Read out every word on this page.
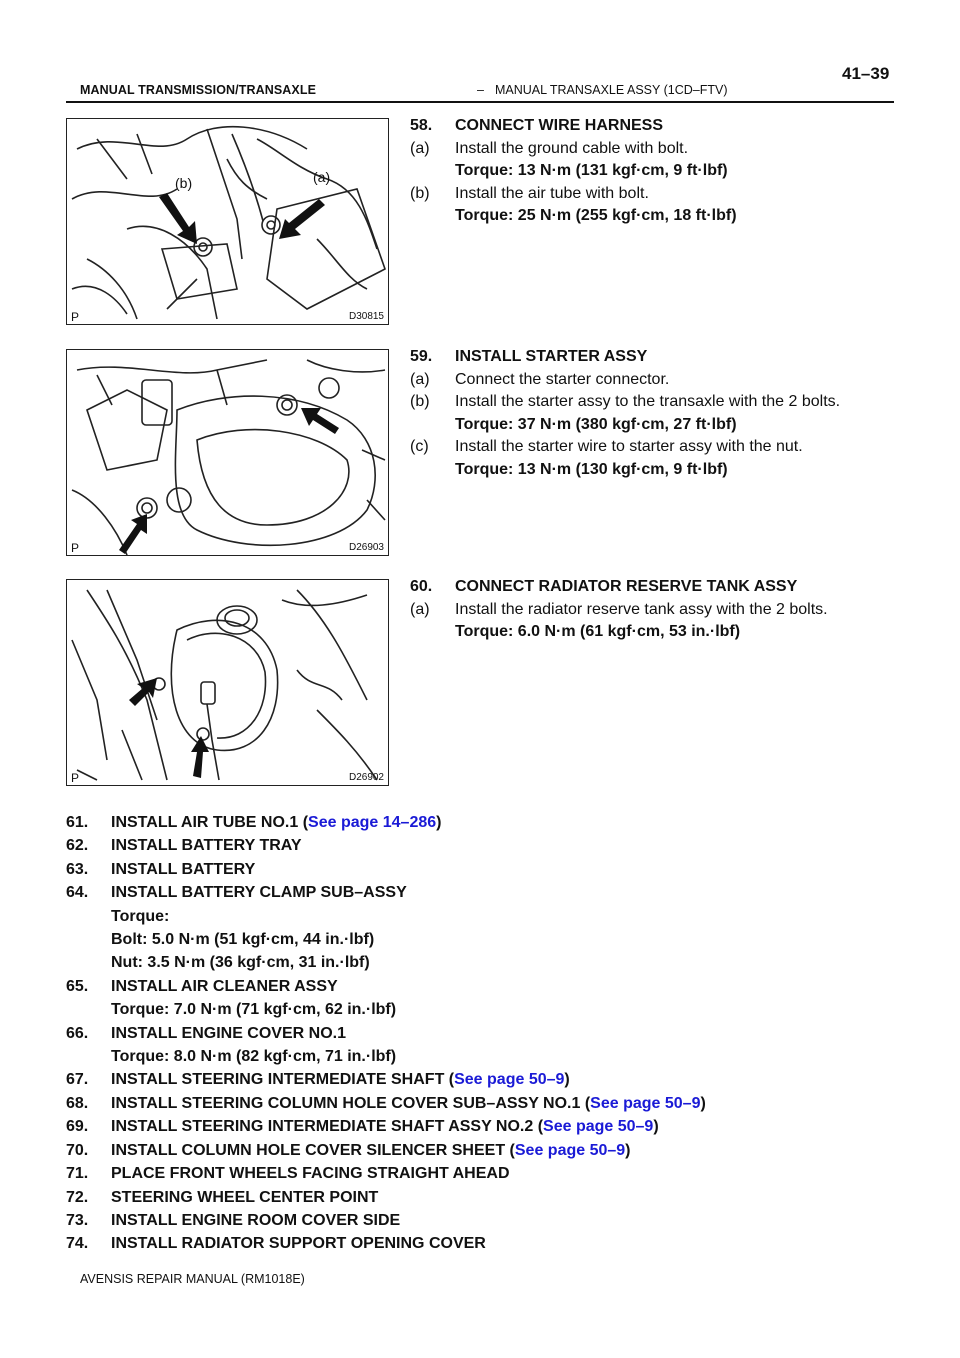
MANUAL TRANSMISSION/TRANSAXLE	– MANUAL TRANSAXLE ASSY (1CD–FTV)
41–39
(b)	(a)
P	D30815
P	D26903
P	D26902
58.	CONNECT WIRE HARNESS
(a)	Install the ground cable with bolt.
Torque: 13 N·m (131 kgf·cm, 9 ft·lbf)
(b)	Install the air tube with bolt.
Torque: 25 N·m (255 kgf·cm, 18 ft·lbf)
59.	INSTALL STARTER ASSY
(a)	Connect the starter connector.
(b)	Install the starter assy to the transaxle with the 2 bolts.
Torque: 37 N·m (380 kgf·cm, 27 ft·lbf)
(c)	Install the starter wire to starter assy with the nut.
Torque: 13 N·m (130 kgf·cm, 9 ft·lbf)
60.	CONNECT RADIATOR RESERVE TANK ASSY
(a)	Install the radiator reserve tank assy with the 2 bolts.
Torque: 6.0 N·m (61 kgf·cm, 53 in.·lbf)
61.	INSTALL AIR TUBE NO.1 ( See page 14–286 )
62.	INSTALL BATTERY TRAY
63.	INSTALL BATTERY
64.	INSTALL BATTERY CLAMP SUB–ASSY
Torque:
Bolt: 5.0 N·m (51 kgf·cm, 44 in.·lbf)
Nut: 3.5 N·m (36 kgf·cm, 31 in.·lbf)
65.	INSTALL AIR CLEANER ASSY
Torque: 7.0 N·m (71 kgf·cm, 62 in.·lbf)
66.	INSTALL ENGINE COVER NO.1
Torque: 8.0 N·m (82 kgf·cm, 71 in.·lbf)
67.	INSTALL STEERING INTERMEDIATE SHAFT ( See page 50–9 )
68.	INSTALL STEERING COLUMN HOLE COVER SUB–ASSY NO.1 ( See page 50–9 )
69.	INSTALL STEERING INTERMEDIATE SHAFT ASSY NO.2 ( See page 50–9 )
70.	INSTALL COLUMN HOLE COVER SILENCER SHEET ( See page 50–9 )
71.	PLACE FRONT WHEELS FACING STRAIGHT AHEAD
72.	STEERING WHEEL CENTER POINT
73.	INSTALL ENGINE ROOM COVER SIDE
74.	INSTALL RADIATOR SUPPORT OPENING COVER
AVENSIS REPAIR MANUAL (RM1018E)
